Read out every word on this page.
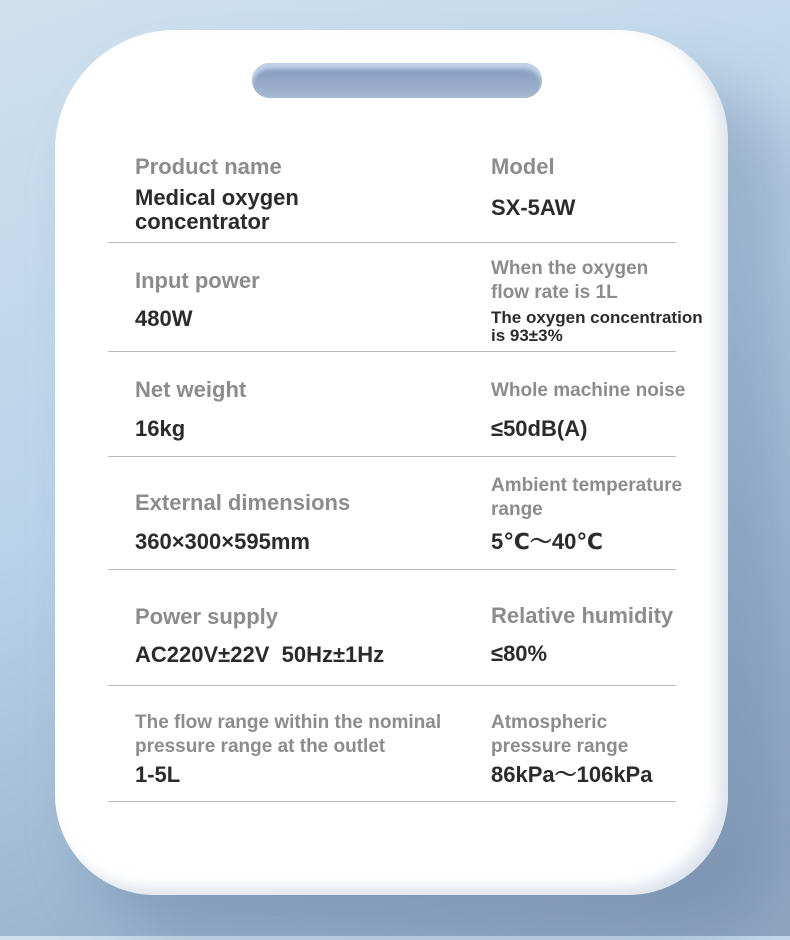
Product name
Medical oxygen concentrator
Model
SX-5AW
Input power
480W
When the oxygen flow rate is 1L
The oxygen concentration is 93±3%
Net weight
16kg
Whole machine noise
≤50dB(A)
External dimensions
360×300×595mm
Ambient temperature range
5℃～40℃
Power supply
AC220V±22V  50Hz±1Hz
Relative humidity
≤80%
The flow range within the nominal pressure range at the outlet
1-5L
Atmospheric pressure range
86kPa～106kPa
